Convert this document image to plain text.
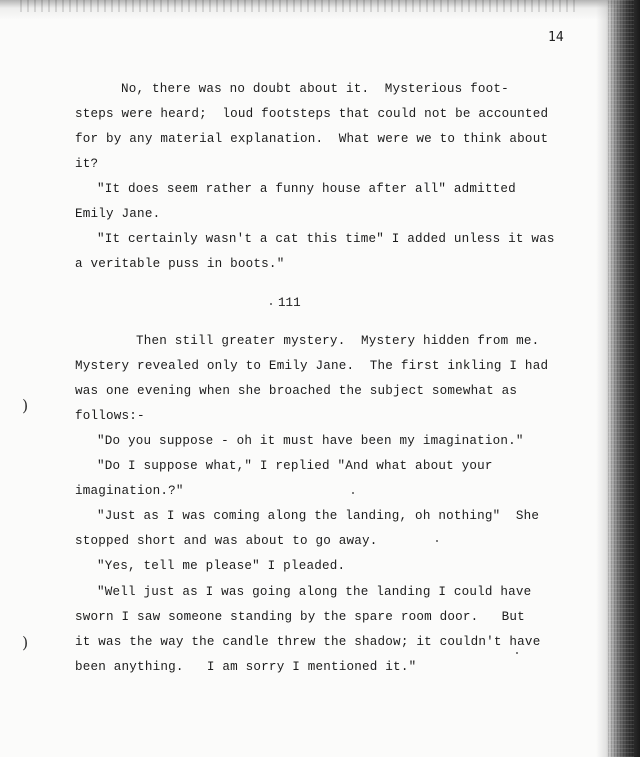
14
No, there was no doubt about it.  Mysterious foot-
steps were heard;  loud footsteps that could not be accounted
for by any material explanation.  What were we to think about
it?
"It does seem rather a funny house after all" admitted
Emily Jane.
"It certainly wasn't a cat this time" I added unless it was
a veritable puss in boots."
111
Then still greater mystery.  Mystery hidden from me.
Mystery revealed only to Emily Jane.  The first inkling I had
was one evening when she broached the subject somewhat as
follows:-
)
"Do you suppose - oh it must have been my imagination."
"Do I suppose what," I replied "And what about your
imagination.?"
"Just as I was coming along the landing, oh nothing"  She
stopped short and was about to go away.
"Yes, tell me please" I pleaded.
"Well just as I was going along the landing I could have
sworn I saw someone standing by the spare room door.   But
it was the way the candle threw the shadow; it couldn't have
been anything.   I am sorry I mentioned it."
)
